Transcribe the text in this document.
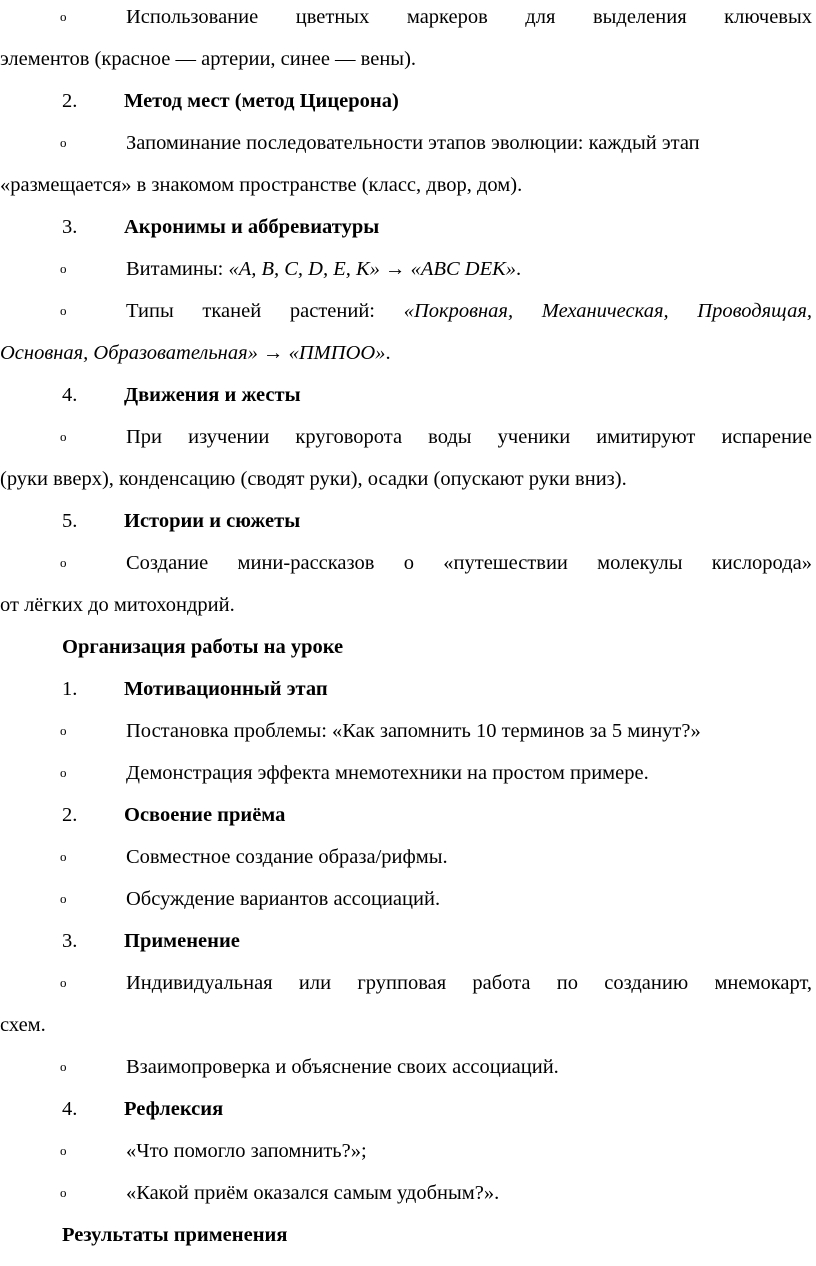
o	Использование цветных маркеров для выделения ключевых
элементов (красное — артерии, синее — вены).
2. Метод мест (метод Цицерона)
o	Запоминание последовательности этапов эволюции: каждый этап
«размещается» в знакомом пространстве (класс, двор, дом).
3. Акронимы и аббревиатуры
o	Витамины: «A, B, C, D, E, K» → «ABC DEK».
o	Типы тканей растений: «Покровная, Механическая, Проводящая,
Основная, Образовательная» → «ПМПОО».
4. Движения и жесты
o	При изучении круговорота воды ученики имитируют испарение
(руки вверх), конденсацию (сводят руки), осадки (опускают руки вниз).
5. Истории и сюжеты
o	Создание мини-рассказов о «путешествии молекулы кислорода»
от лёгких до митохондрий.
Организация работы на уроке
1. Мотивационный этап
o	Постановка проблемы: «Как запомнить 10 терминов за 5 минут?»
o	Демонстрация эффекта мнемотехники на простом примере.
2. Освоение приёма
o	Совместное создание образа/рифмы.
o	Обсуждение вариантов ассоциаций.
3. Применение
o	Индивидуальная или групповая работа по созданию мнемокарт,
схем.
o	Взаимопроверка и объяснение своих ассоциаций.
4. Рефлексия
o	«Что помогло запомнить?»;
o	«Какой приём оказался самым удобным?».
Результаты применения
